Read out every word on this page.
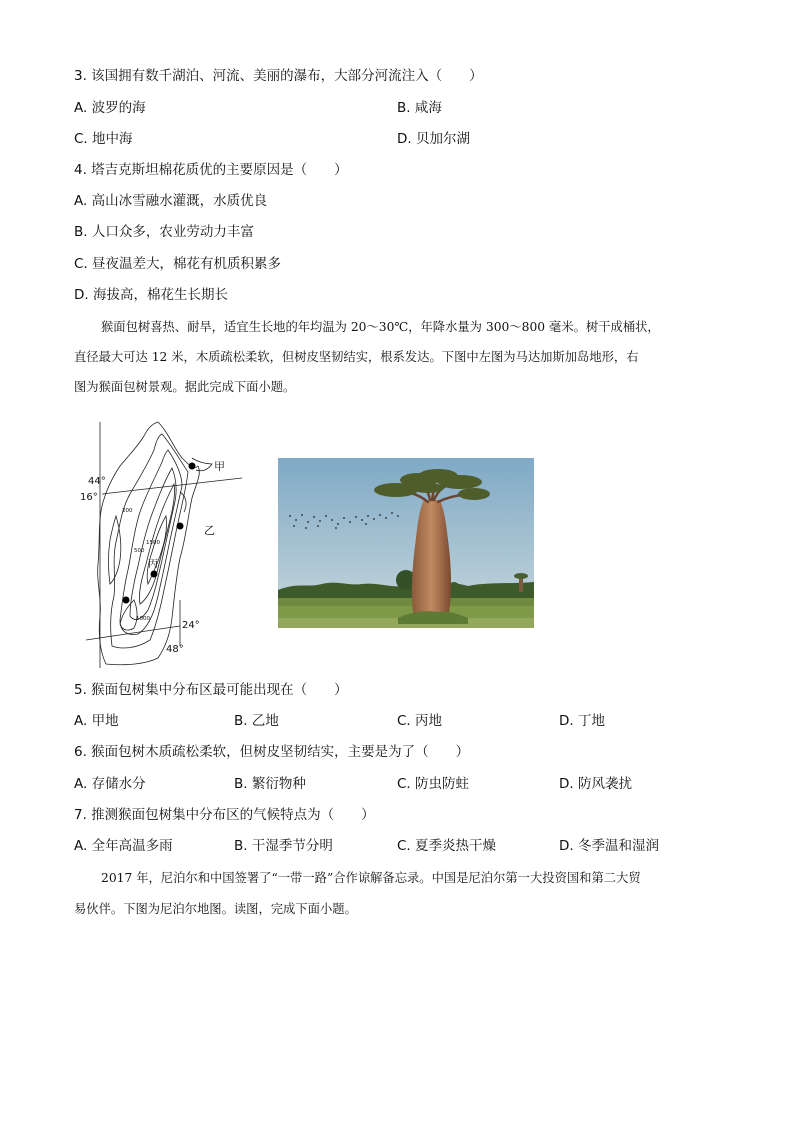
3. 该国拥有数千湖泊、河流、美丽的瀑布，大部分河流注入（　　）
A. 波罗的海	B. 咸海
C. 地中海	D. 贝加尔湖
4. 塔吉克斯坦棉花质优的主要原因是（　　）
A. 高山冰雪融水灌溉，水质优良
B. 人口众多，农业劳动力丰富
C. 昼夜温差大，棉花有机质积累多
D. 海拔高，棉花生长期长
猴面包树喜热、耐旱，适宜生长地的年均温为 20～30℃，年降水量为 300～800 毫米。树干成桶状，
直径最大可达 12 米，木质疏松柔软，但树皮坚韧结实，根系发达。下图中左图为马达加斯加岛地形，右
图为猴面包树景观。据此完成下面小题。
甲
乙
丙
44°
16°
24°
48°
200
1500
500
1000
5. 猴面包树集中分布区最可能出现在（　　）
A. 甲地	B. 乙地	C. 丙地	D. 丁地
6. 猴面包树木质疏松柔软，但树皮坚韧结实，主要是为了（　　）
A. 存储水分	B. 繁衍物种	C. 防虫防蛀	D. 防风袭扰
7. 推测猴面包树集中分布区的气候特点为（　　）
A. 全年高温多雨	B. 干湿季节分明	C. 夏季炎热干燥	D. 冬季温和湿润
2017 年，尼泊尔和中国签署了“一带一路”合作谅解备忘录。中国是尼泊尔第一大投资国和第二大贸
易伙伴。下图为尼泊尔地图。读图，完成下面小题。
